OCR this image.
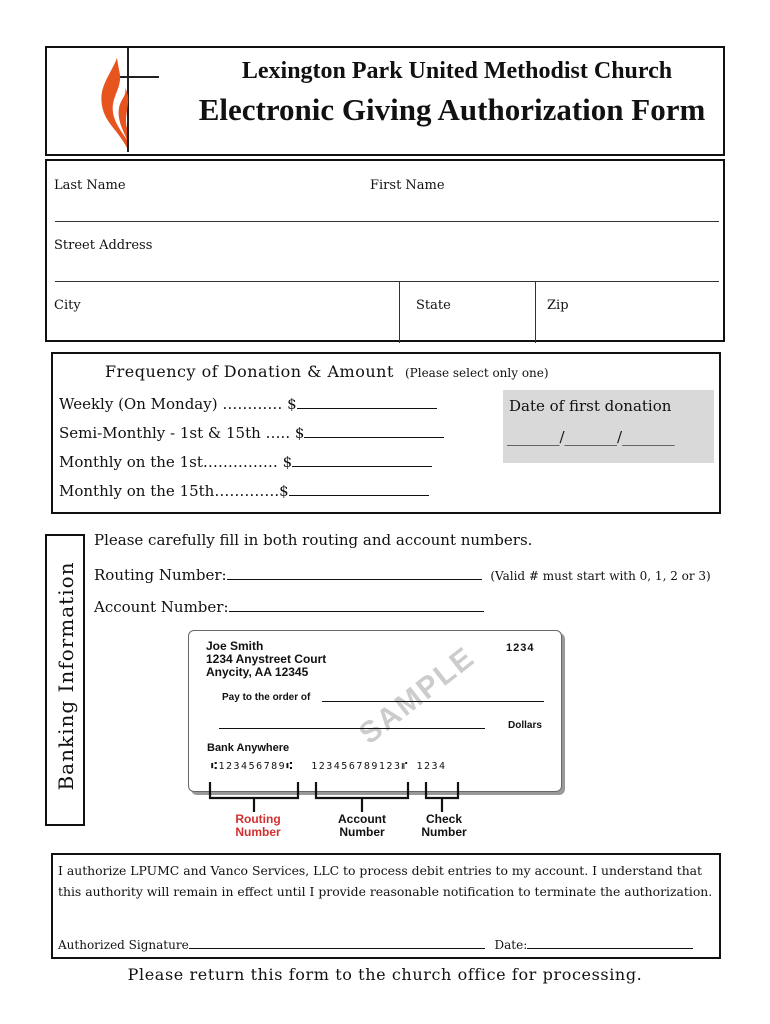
Lexington Park United Methodist Church
Electronic Giving Authorization Form
Last Name	First Name
Street Address
City	State	Zip
Frequency of Donation & Amount (Please select only one)
Weekly (On Monday) ………… $
Semi-Monthly - 1st & 15th ….. $
Monthly on the 1st…………… $
Monthly on the 15th………….$
Date of first donation
_______/_______/_______
Banking Information
Please carefully fill in both routing and account numbers.
Routing Number:	(Valid # must start with 0, 1, 2 or 3)
Account Number:
SAMPLE
Joe Smith
1234 Anystreet Court
Anycity, AA 12345
1234
Pay to the order of
Dollars
Bank Anywhere
⑆123456789⑆ 123456789123⑈ 1234
Routing
Number
Account
Number
Check
Number
I authorize LPUMC and Vanco Services, LLC to process debit entries to my account. I understand that
this authority will remain in effect until I provide reasonable notification to terminate the authorization.
Authorized Signature	Date:
Please return this form to the church office for processing.
